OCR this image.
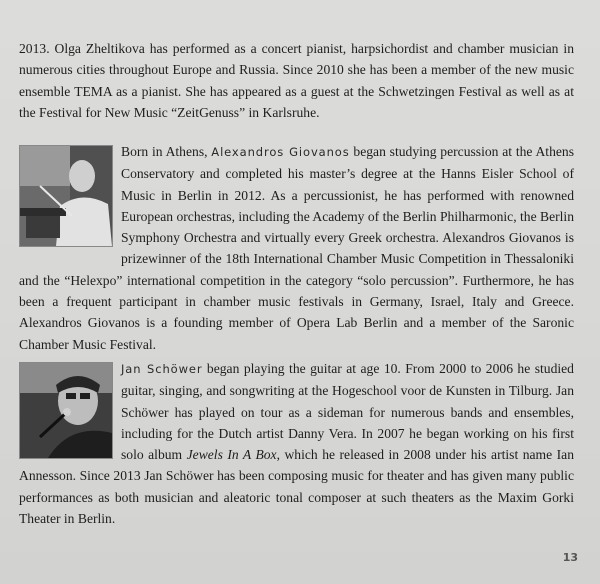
2013. Olga Zheltikova has performed as a concert pianist, harpsichordist and chamber musician in numerous cities throughout Europe and Russia. Since 2010 she has been a member of the new music ensemble TEMA as a pianist. She has appeared as a guest at the Schwetzingen Festival as well as at the Festival for New Music “ZeitGenuss” in Karlsruhe.
Born in Athens, Alexandros Giovanos began studying percussion at the Athens Conservatory and completed his master’s degree at the Hanns Eisler School of Music in Berlin in 2012. As a percussionist, he has performed with renowned European orchestras, including the Academy of the Berlin Philharmonic, the Berlin Symphony Orchestra and virtually every Greek orchestra. Alexandros Giovanos is prizewinner of the 18th International Chamber Music Competition in Thessaloniki and the “Helexpo” international competition in the category “solo percussion”. Furthermore, he has been a frequent participant in chamber music festivals in Germany, Israel, Italy and Greece. Alexandros Giovanos is a founding member of Opera Lab Berlin and a member of the Saronic Chamber Music Festival.
Jan Schöwer began playing the guitar at age 10. From 2000 to 2006 he studied guitar, singing, and songwriting at the Hogeschool voor de Kunsten in Tilburg. Jan Schöwer has played on tour as a sideman for numerous bands and ensembles, including for the Dutch artist Danny Vera. In 2007 he began working on his first solo album Jewels In A Box, which he released in 2008 under his artist name Ian Annesson. Since 2013 Jan Schöwer has been composing music for theater and has given many public performances as both musician and aleatoric tonal composer at such theaters as the Maxim Gorki Theater in Berlin.
13
